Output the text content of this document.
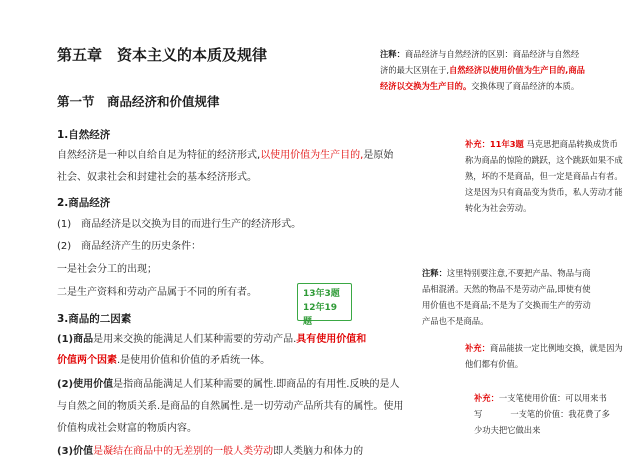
第五章　资本主义的本质及规律
第一节　商品经济和价值规律
1.自然经济
自然经济是一种以自给自足为特征的经济形式,以使用价值为生产目的,是原始
社会、奴隶社会和封建社会的基本经济形式。
2.商品经济
(1)　商品经济是以交换为目的而进行生产的经济形式。
(2)　商品经济产生的历史条件：
一是社会分工的出现；
二是生产资料和劳动产品属于不同的所有者。
3.商品的二因素
(1)商品是用来交换的能满足人们某种需要的劳动产品.具有使用价值和
价值两个因素.是使用价值和价值的矛盾统一体。
(2)使用价值是指商品能满足人们某种需要的属性.即商品的有用性.反映的是人
与自然之间的物质关系.是商品的自然属性.是一切劳动产品所共有的属性。使用
价值构成社会财富的物质内容。
(3)价值是凝结在商品中的无差别的一般人类劳动即人类脑力和体力的
13年3题12年19题
注释：商品经济与自然经济的区别：商品经济与自然经济的最大区别在于,自然经济以使用价值为生产目的,商品经济以交换为生产目的。交换体现了商品经济的本质。
补充：11年3题 马克思把商品转换成货币称为商品的惊险的跳跃，这个跳跃如果不成熟，坏的不是商品，但一定是商品占有者。这是因为只有商品变为货币，私人劳动才能转化为社会劳动。
注释：这里特别要注意,不要把产品、物品与商品相混淆。天然的物品不是劳动产品,即使有使用价值也不是商品;不是为了交换而生产的劳动产品也不是商品。
补充：商品能拔一定比例地交换，就是因为他们都有价值。
补充：一支笔使用价值：可以用来书
写	一支笔的价值：我花费了多
少功夫把它做出来
